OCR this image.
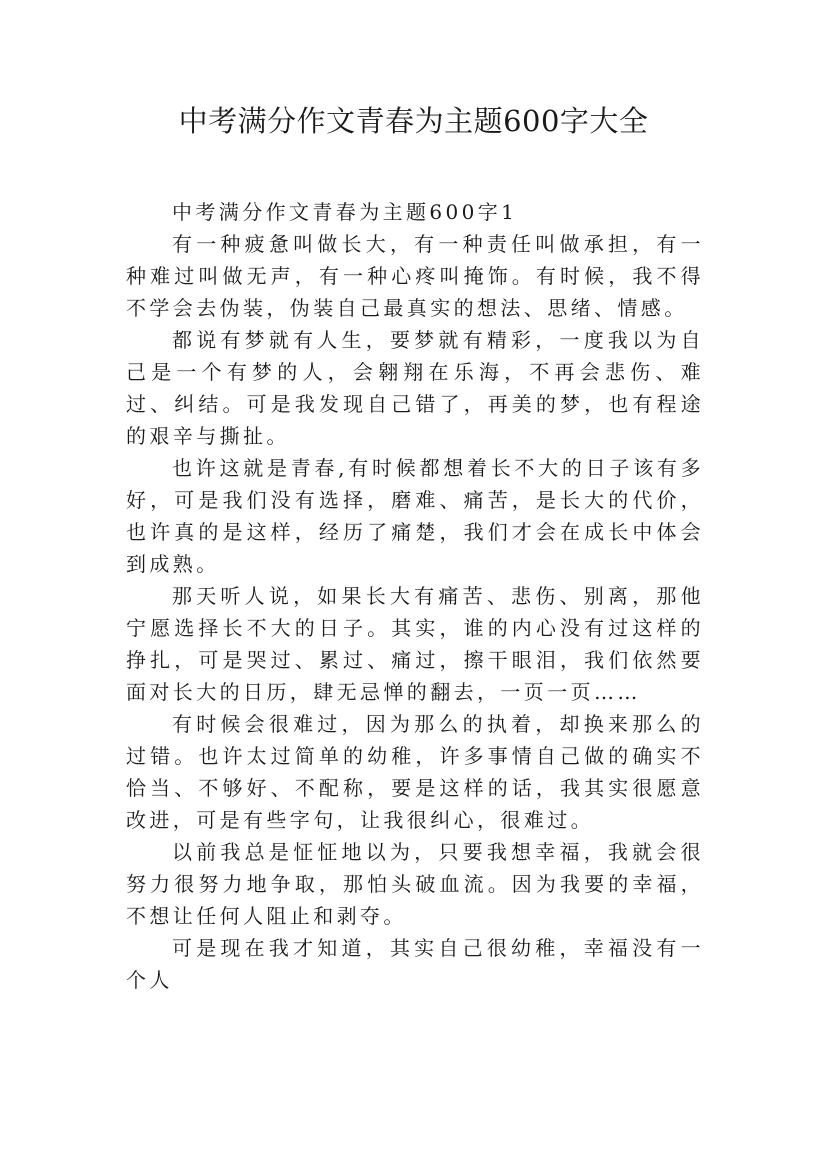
中考满分作文青春为主题600字大全

中考满分作文青春为主题600字1

有一种疲惫叫做长大，有一种责任叫做承担，有一种难过叫做无声，有一种心疼叫掩饰。有时候，我不得不学会去伪装，伪装自己最真实的想法、思绪、情感。

都说有梦就有人生，要梦就有精彩，一度我以为自己是一个有梦的人，会翱翔在乐海，不再会悲伤、难过、纠结。可是我发现自己错了，再美的梦，也有程途的艰辛与撕扯。

也许这就是青春,有时候都想着长不大的日子该有多好，可是我们没有选择，磨难、痛苦，是长大的代价，也许真的是这样，经历了痛楚，我们才会在成长中体会到成熟。

那天听人说，如果长大有痛苦、悲伤、别离，那他宁愿选择长不大的日子。其实，谁的内心没有过这样的挣扎，可是哭过、累过、痛过，擦干眼泪，我们依然要面对长大的日历，肆无忌惮的翻去，一页一页……

有时候会很难过，因为那么的执着，却换来那么的过错。也许太过简单的幼稚，许多事情自己做的确实不恰当、不够好、不配称，要是这样的话，我其实很愿意改进，可是有些字句，让我很纠心，很难过。

以前我总是怔怔地以为，只要我想幸福，我就会很努力很努力地争取，那怕头破血流。因为我要的幸福，不想让任何人阻止和剥夺。

可是现在我才知道，其实自己很幼稚，幸福没有一个人
